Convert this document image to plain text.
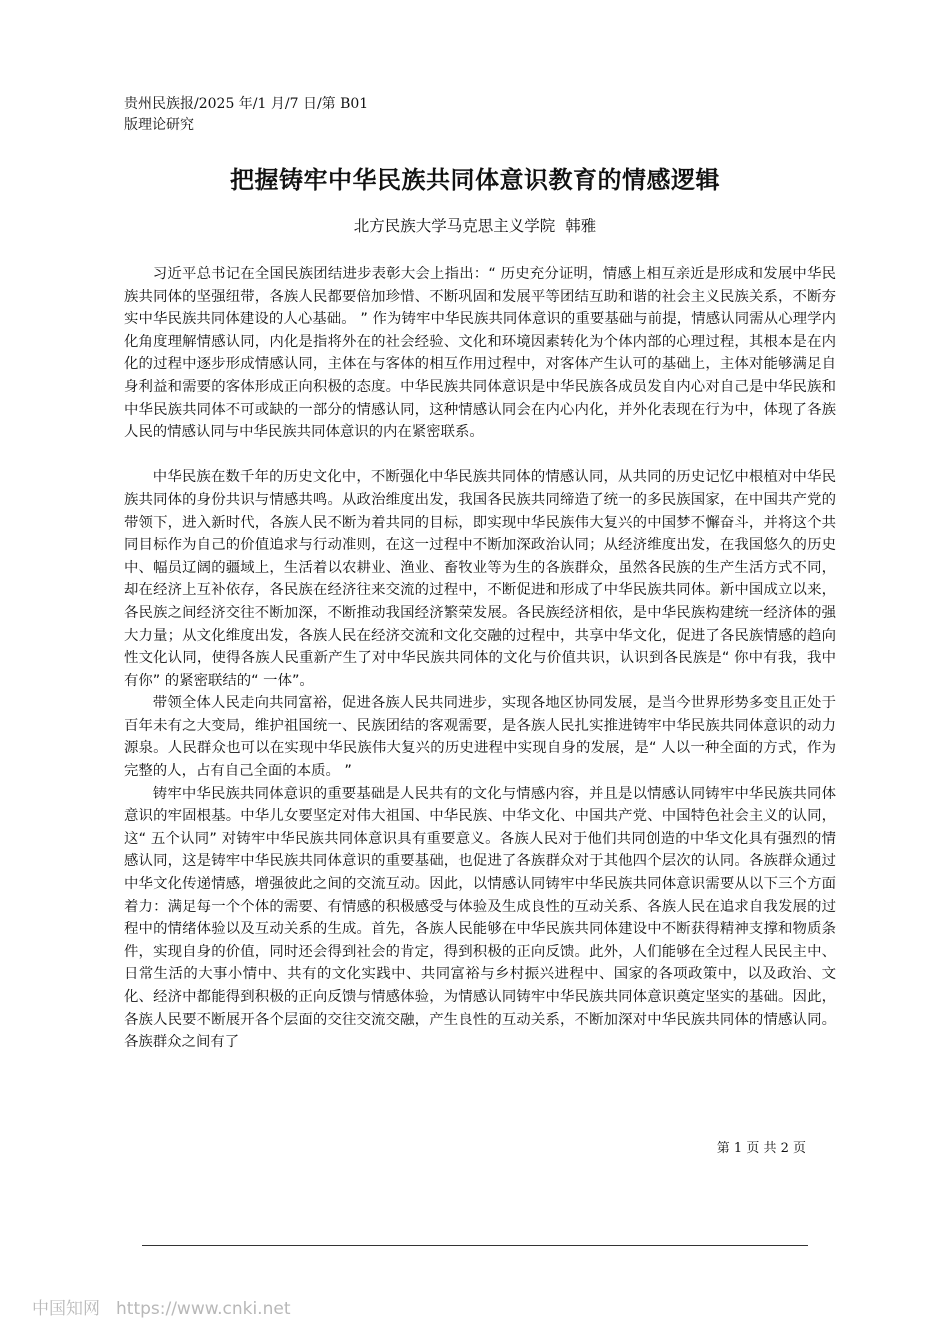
贵州民族报/2025 年/1 月/7 日/第 B01
版理论研究
把握铸牢中华民族共同体意识教育的情感逻辑
北方民族大学马克思主义学院 韩雅

习近平总书记在全国民族团结进步表彰大会上指出：“ 历史充分证明，情感上相互亲近是形成和发展中华民族共同体的坚强纽带，各族人民都要倍加珍惜、不断巩固和发展平等团结互助和谐的社会主义民族关系，不断夯实中华民族共同体建设的人心基础。 ” 作为铸牢中华民族共同体意识的重要基础与前提，情感认同需从心理学内化角度理解情感认同，内化是指将外在的社会经验、文化和环境因素转化为个体内部的心理过程，其根本是在内化的过程中逐步形成情感认同，主体在与客体的相互作用过程中，对客体产生认可的基础上，主体对能够满足自身利益和需要的客体形成正向积极的态度。中华民族共同体意识是中华民族各成员发自内心对自己是中华民族和中华民族共同体不可或缺的一部分的情感认同，这种情感认同会在内心内化，并外化表现在行为中，体现了各族人民的情感认同与中华民族共同体意识的内在紧密联系。

中华民族在数千年的历史文化中，不断强化中华民族共同体的情感认同，从共同的历史记忆中根植对中华民族共同体的身份共识与情感共鸣。从政治维度出发，我国各民族共同缔造了统一的多民族国家，在中国共产党的带领下，进入新时代，各族人民不断为着共同的目标，即实现中华民族伟大复兴的中国梦不懈奋斗，并将这个共同目标作为自己的价值追求与行动准则，在这一过程中不断加深政治认同；从经济维度出发，在我国悠久的历史中、幅员辽阔的疆域上，生活着以农耕业、渔业、畜牧业等为生的各族群众，虽然各民族的生产生活方式不同，却在经济上互补依存，各民族在经济往来交流的过程中，不断促进和形成了中华民族共同体。新中国成立以来，各民族之间经济交往不断加深，不断推动我国经济繁荣发展。各民族经济相依，是中华民族构建统一经济体的强大力量；从文化维度出发，各族人民在经济交流和文化交融的过程中，共享中华文化，促进了各民族情感的趋向性文化认同，使得各族人民重新产生了对中华民族共同体的文化与价值共识，认识到各民族是“ 你中有我，我中有你” 的紧密联结的“ 一体”。

带领全体人民走向共同富裕，促进各族人民共同进步，实现各地区协同发展，是当今世界形势多变且正处于百年未有之大变局，维护祖国统一、民族团结的客观需要，是各族人民扎实推进铸牢中华民族共同体意识的动力源泉。人民群众也可以在实现中华民族伟大复兴的历史进程中实现自身的发展，是“ 人以一种全面的方式，作为完整的人，占有自己全面的本质。 ”

铸牢中华民族共同体意识的重要基础是人民共有的文化与情感内容，并且是以情感认同铸牢中华民族共同体意识的牢固根基。中华儿女要坚定对伟大祖国、中华民族、中华文化、中国共产党、中国特色社会主义的认同，这“ 五个认同” 对铸牢中华民族共同体意识具有重要意义。各族人民对于他们共同创造的中华文化具有强烈的情感认同，这是铸牢中华民族共同体意识的重要基础，也促进了各族群众对于其他四个层次的认同。各族群众通过中华文化传递情感，增强彼此之间的交流互动。因此，以情感认同铸牢中华民族共同体意识需要从以下三个方面着力：满足每一个个体的需要、有情感的积极感受与体验及生成良性的互动关系、各族人民在追求自我发展的过程中的情绪体验以及互动关系的生成。首先，各族人民能够在中华民族共同体建设中不断获得精神支撑和物质条件，实现自身的价值，同时还会得到社会的肯定，得到积极的正向反馈。此外，人们能够在全过程人民民主中、日常生活的大事小情中、共有的文化实践中、共同富裕与乡村振兴进程中、国家的各项政策中，以及政治、文化、经济中都能得到积极的正向反馈与情感体验，为情感认同铸牢中华民族共同体意识奠定坚实的基础。因此，各族人民要不断展开各个层面的交往交流交融，产生良性的互动关系，不断加深对中华民族共同体的情感认同。各族群众之间有了

第 1 页 共 2 页
中国知网 https://www.cnki.net
